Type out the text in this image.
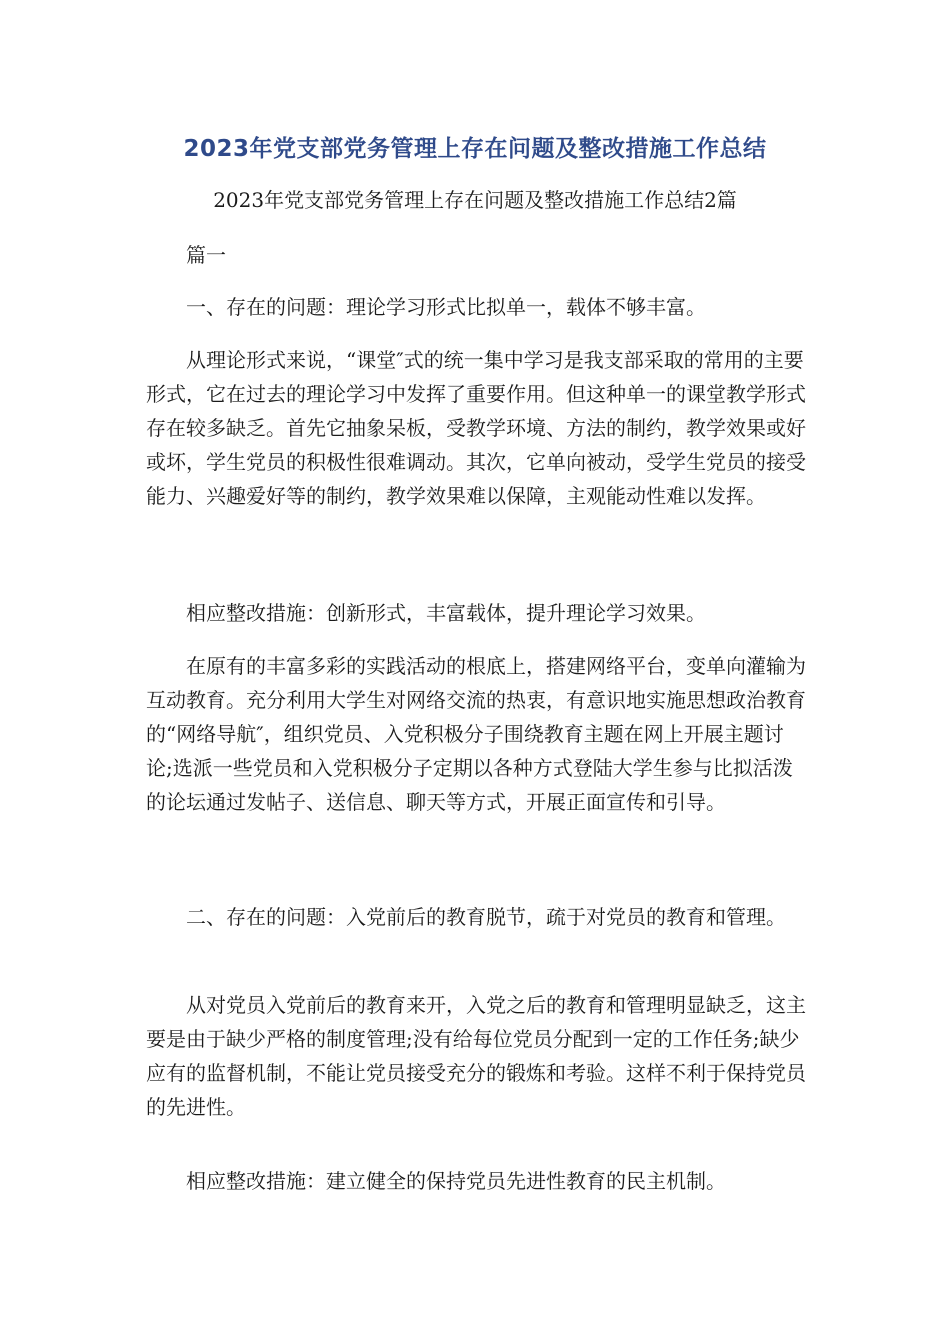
2023年党支部党务管理上存在问题及整改措施工作总结
2023年党支部党务管理上存在问题及整改措施工作总结2篇

篇一

一、存在的问题：理论学习形式比拟单一，载体不够丰富。

从理论形式来说，“课堂″式的统一集中学习是我支部采取的常用的主要形式，它在过去的理论学习中发挥了重要作用。但这种单一的课堂教学形式存在较多缺乏。首先它抽象呆板，受教学环境、方法的制约，教学效果或好或坏，学生党员的积极性很难调动。其次，它单向被动，受学生党员的接受能力、兴趣爱好等的制约，教学效果难以保障，主观能动性难以发挥。

相应整改措施：创新形式，丰富载体，提升理论学习效果。

在原有的丰富多彩的实践活动的根底上，搭建网络平台，变单向灌输为互动教育。充分利用大学生对网络交流的热衷，有意识地实施思想政治教育的“网络导航″，组织党员、入党积极分子围绕教育主题在网上开展主题讨论;选派一些党员和入党积极分子定期以各种方式登陆大学生参与比拟活泼的论坛通过发帖子、送信息、聊天等方式，开展正面宣传和引导。

二、存在的问题：入党前后的教育脱节，疏于对党员的教育和管理。

从对党员入党前后的教育来开，入党之后的教育和管理明显缺乏，这主要是由于缺少严格的制度管理;没有给每位党员分配到一定的工作任务;缺少应有的监督机制，不能让党员接受充分的锻炼和考验。这样不利于保持党员的先进性。

相应整改措施：建立健全的保持党员先进性教育的民主机制。
